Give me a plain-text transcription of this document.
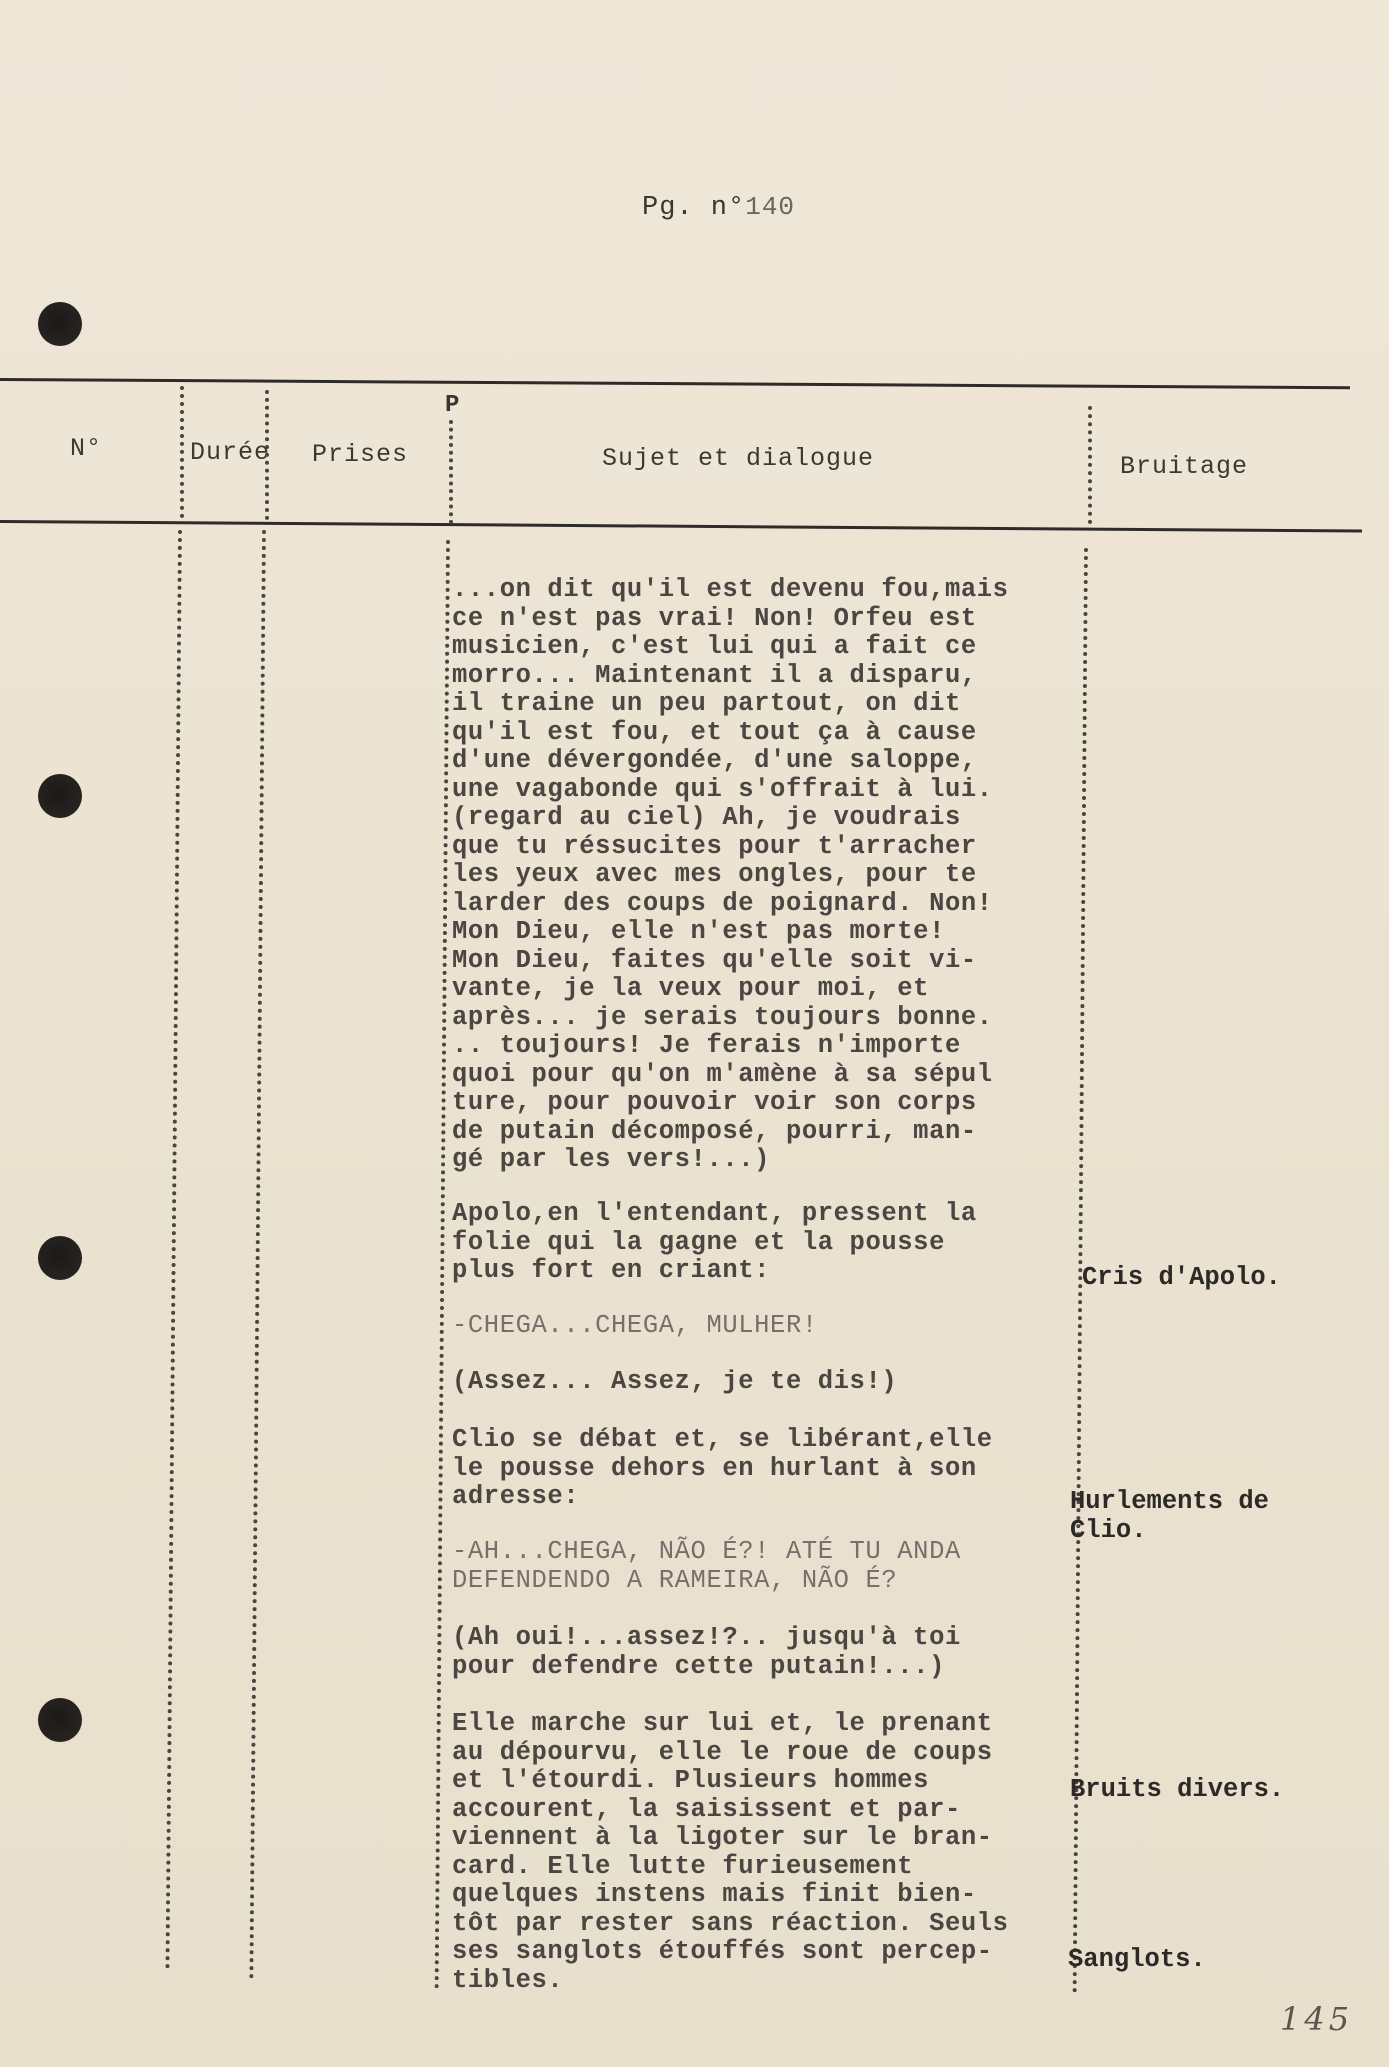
Pg. n°140
N°	Durée Prises
P
Sujet et dialogue	Bruitage
...on dit qu'il est devenu fou,mais
ce n'est pas vrai! Non! Orfeu est
musicien, c'est lui qui a fait ce
morro... Maintenant il a disparu,
il traine un peu partout, on dit
qu'il est fou, et tout ça à cause
d'une dévergondée, d'une saloppe,
une vagabonde qui s'offrait à lui.
(regard au ciel) Ah, je voudrais
que tu réssucites pour t'arracher
les yeux avec mes ongles, pour te
larder des coups de poignard. Non!
Mon Dieu, elle n'est pas morte!
Mon Dieu, faites qu'elle soit vi-
vante, je la veux pour moi, et
après... je serais toujours bonne.
.. toujours! Je ferais n'importe
quoi pour qu'on m'amène à sa sépul
ture, pour pouvoir voir son corps
de putain décomposé, pourri, man-
gé par les vers!...)
Apolo,en l'entendant, pressent la
folie qui la gagne et la pousse
plus fort en criant:
-CHEGA...CHEGA, MULHER!
(Assez... Assez, je te dis!)
Clio se débat et, se libérant,elle
le pousse dehors en hurlant à son
adresse:
-AH...CHEGA, NÃO É?! ATÉ TU ANDA
DEFENDENDO A RAMEIRA, NÃO É?
(Ah oui!...assez!?.. jusqu'à toi
pour defendre cette putain!...)
Elle marche sur lui et, le prenant
au dépourvu, elle le roue de coups
et l'étourdi. Plusieurs hommes
accourent, la saisissent et par-
viennent à la ligoter sur le bran-
card. Elle lutte furieusement
quelques instens mais finit bien-
tôt par rester sans réaction. Seuls
ses sanglots étouffés sont percep-
tibles.
Cris d'Apolo.
Hurlements de
Clio.
Bruits divers.
Sanglots.
145
